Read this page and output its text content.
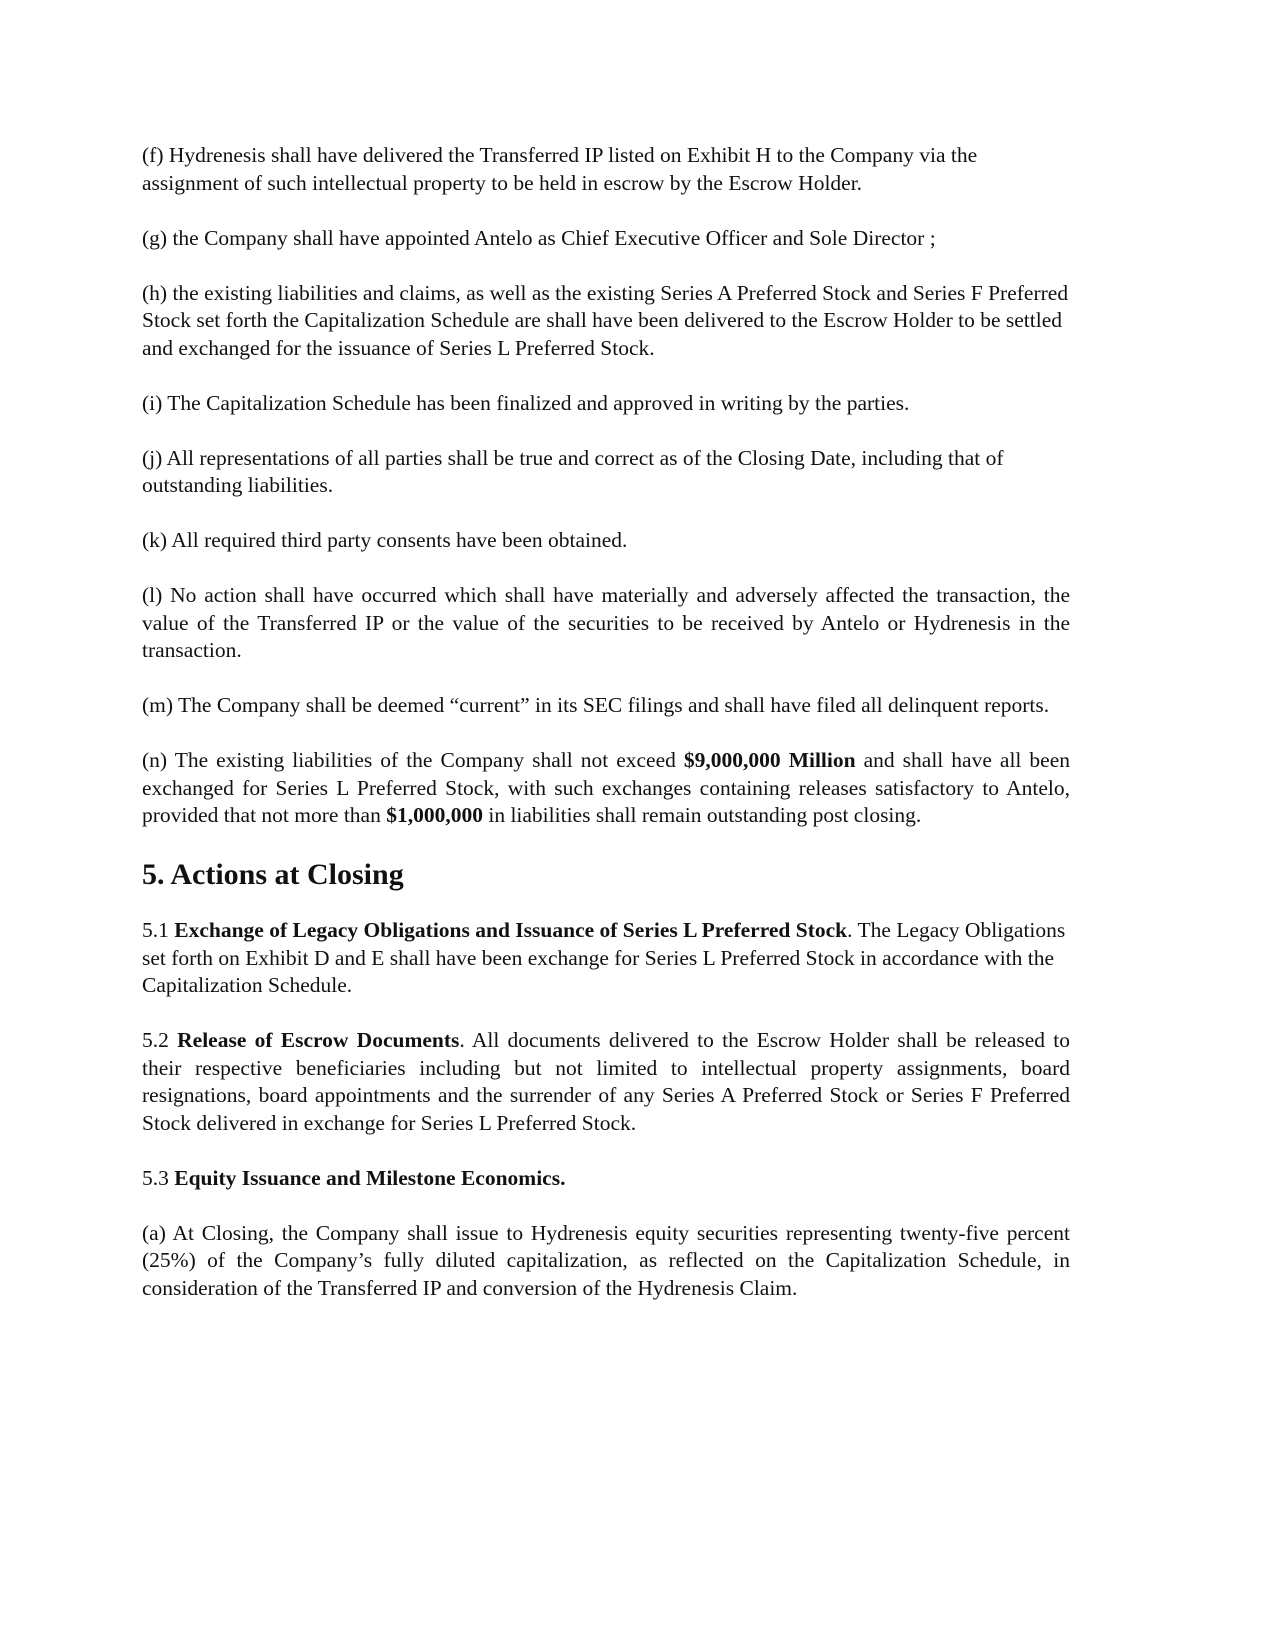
(f) Hydrenesis shall have delivered the Transferred IP listed on Exhibit H to the Company via the assignment of such intellectual property to be held in escrow by the Escrow Holder.

(g) the Company shall have appointed Antelo as Chief Executive Officer and Sole Director ;

(h) the existing liabilities and claims, as well as the existing Series A Preferred Stock and Series F Preferred Stock set forth the Capitalization Schedule are shall have been delivered to the Escrow Holder to be settled and exchanged for the issuance of Series L Preferred Stock.

(i) The Capitalization Schedule has been finalized and approved in writing by the parties.

(j) All representations of all parties shall be true and correct as of the Closing Date, including that of outstanding liabilities.

(k) All required third party consents have been obtained.

(l) No action shall have occurred which shall have materially and adversely affected the transaction, the value of the Transferred IP or the value of the securities to be received by Antelo or Hydrenesis in the transaction.

(m) The Company shall be deemed “current” in its SEC filings and shall have filed all delinquent reports.

(n) The existing liabilities of the Company shall not exceed $9,000,000 Million and shall have all been exchanged for Series L Preferred Stock, with such exchanges containing releases satisfactory to Antelo, provided that not more than $1,000,000 in liabilities shall remain outstanding post closing.

5. Actions at Closing

5.1 Exchange of Legacy Obligations and Issuance of Series L Preferred Stock. The Legacy Obligations set forth on Exhibit D and E shall have been exchange for Series L Preferred Stock in accordance with the Capitalization Schedule.

5.2 Release of Escrow Documents. All documents delivered to the Escrow Holder shall be released to their respective beneficiaries including but not limited to intellectual property assignments, board resignations, board appointments and the surrender of any Series A Preferred Stock or Series F Preferred Stock delivered in exchange for Series L Preferred Stock.

5.3 Equity Issuance and Milestone Economics.

(a) At Closing, the Company shall issue to Hydrenesis equity securities representing twenty-five percent (25%) of the Company’s fully diluted capitalization, as reflected on the Capitalization Schedule, in consideration of the Transferred IP and conversion of the Hydrenesis Claim.
